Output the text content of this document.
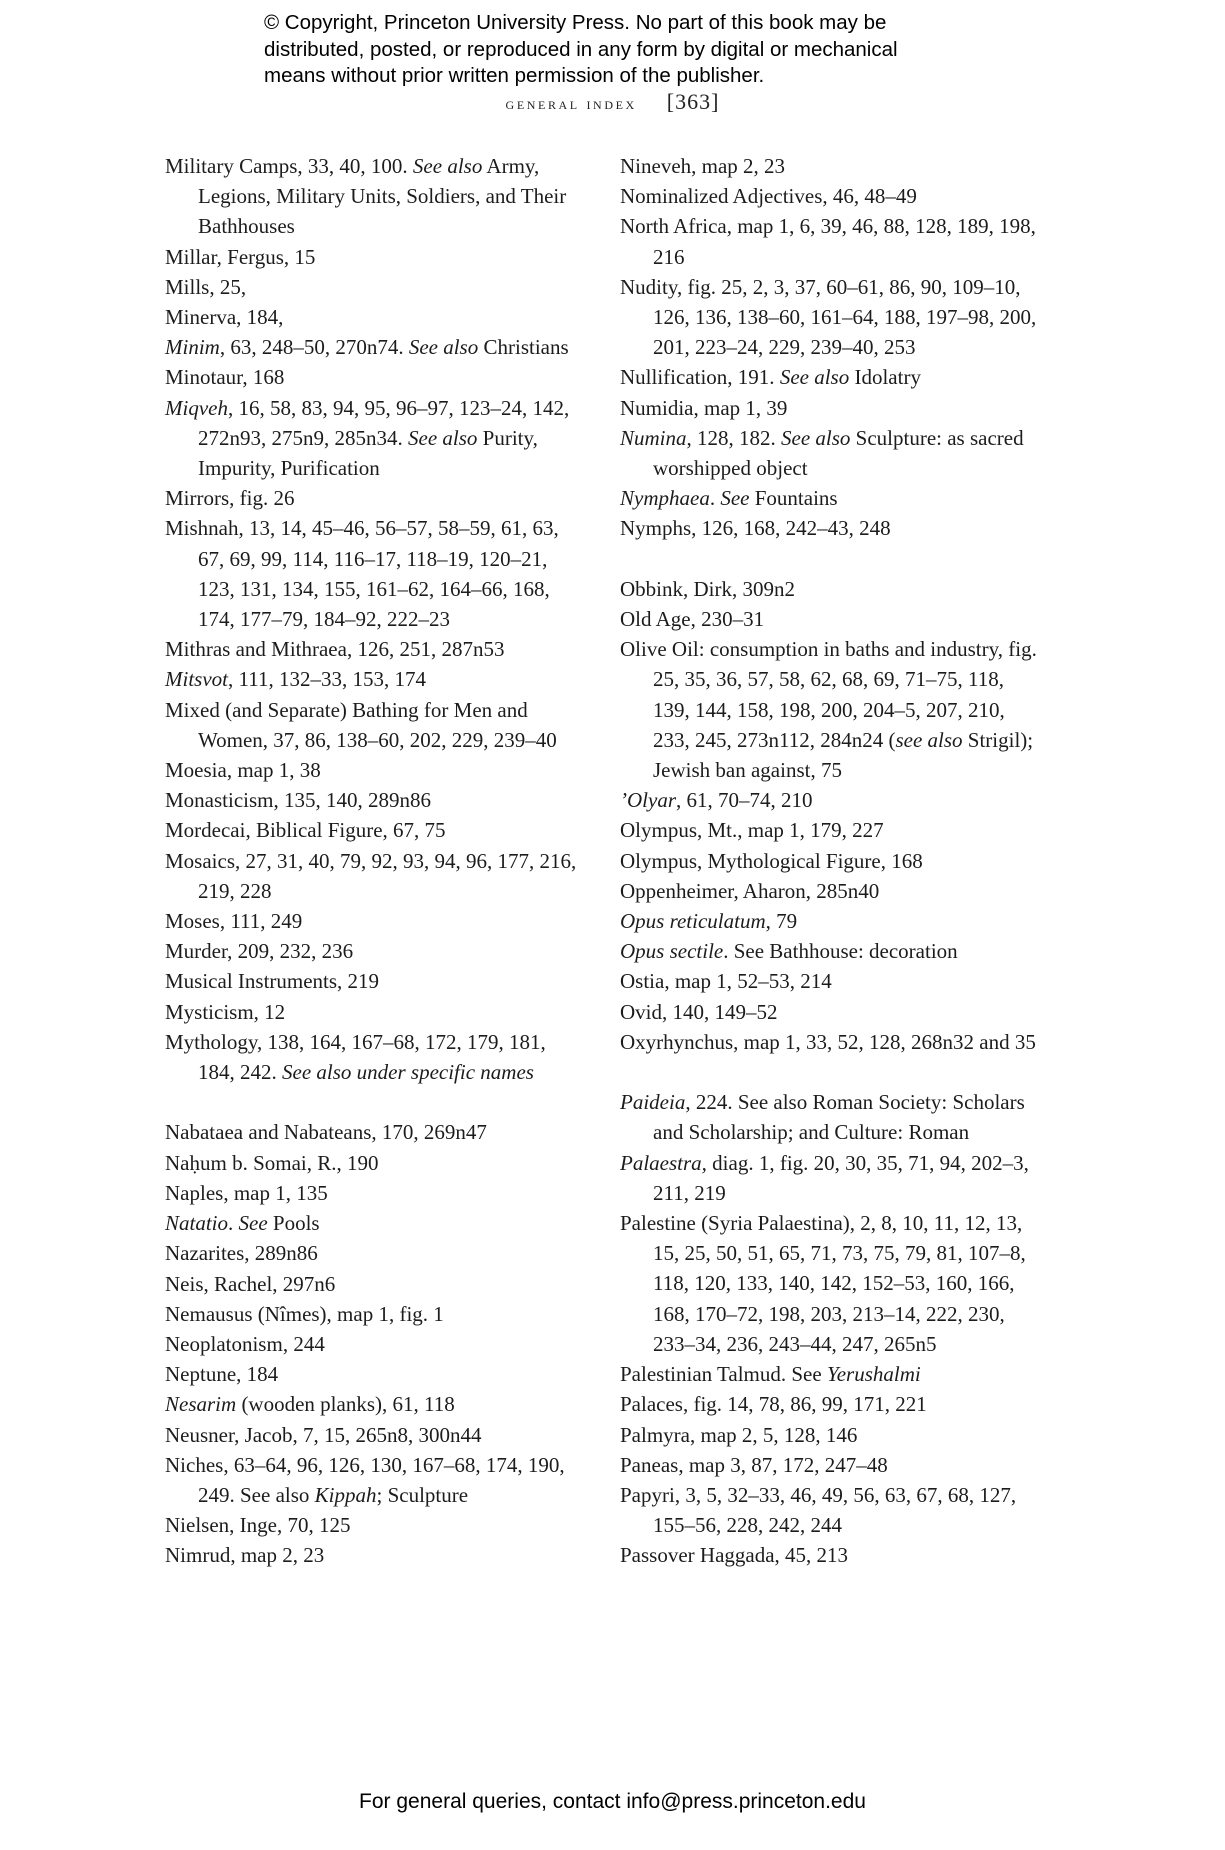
© Copyright, Princeton University Press. No part of this book may be
distributed, posted, or reproduced in any form by digital or mechanical
means without prior written permission of the publisher.
general index [363]
Military Camps, 33, 40, 100. See also Army, Legions, Military Units, Soldiers, and Their Bathhouses
Millar, Fergus, 15
Mills, 25,
Minerva, 184,
Minim, 63, 248–50, 270n74. See also Christians
Minotaur, 168
Miqveh, 16, 58, 83, 94, 95, 96–97, 123–24, 142, 272n93, 275n9, 285n34. See also Purity, Impurity, Purification
Mirrors, fig. 26
Mishnah, 13, 14, 45–46, 56–57, 58–59, 61, 63, 67, 69, 99, 114, 116–17, 118–19, 120–21, 123, 131, 134, 155, 161–62, 164–66, 168, 174, 177–79, 184–92, 222–23
Mithras and Mithraea, 126, 251, 287n53
Mitsvot, 111, 132–33, 153, 174
Mixed (and Separate) Bathing for Men and Women, 37, 86, 138–60, 202, 229, 239–40
Moesia, map 1, 38
Monasticism, 135, 140, 289n86
Mordecai, Biblical Figure, 67, 75
Mosaics, 27, 31, 40, 79, 92, 93, 94, 96, 177, 216, 219, 228
Moses, 111, 249
Murder, 209, 232, 236
Musical Instruments, 219
Mysticism, 12
Mythology, 138, 164, 167–68, 172, 179, 181, 184, 242. See also under specific names
Nabataea and Nabateans, 170, 269n47
Naḥum b. Somai, R., 190
Naples, map 1, 135
Natatio. See Pools
Nazarites, 289n86
Neis, Rachel, 297n6
Nemausus (Nîmes), map 1, fig. 1
Neoplatonism, 244
Neptune, 184
Nesarim (wooden planks), 61, 118
Neusner, Jacob, 7, 15, 265n8, 300n44
Niches, 63–64, 96, 126, 130, 167–68, 174, 190, 249. See also Kippah; Sculpture
Nielsen, Inge, 70, 125
Nimrud, map 2, 23
Nineveh, map 2, 23
Nominalized Adjectives, 46, 48–49
North Africa, map 1, 6, 39, 46, 88, 128, 189, 198, 216
Nudity, fig. 25, 2, 3, 37, 60–61, 86, 90, 109–10, 126, 136, 138–60, 161–64, 188, 197–98, 200, 201, 223–24, 229, 239–40, 253
Nullification, 191. See also Idolatry
Numidia, map 1, 39
Numina, 128, 182. See also Sculpture: as sacred worshipped object
Nymphaea. See Fountains
Nymphs, 126, 168, 242–43, 248
Obbink, Dirk, 309n2
Old Age, 230–31
Olive Oil: consumption in baths and industry, fig. 25, 35, 36, 57, 58, 62, 68, 69, 71–75, 118, 139, 144, 158, 198, 200, 204–5, 207, 210, 233, 245, 273n112, 284n24 (see also Strigil); Jewish ban against, 75
’Olyar, 61, 70–74, 210
Olympus, Mt., map 1, 179, 227
Olympus, Mythological Figure, 168
Oppenheimer, Aharon, 285n40
Opus reticulatum, 79
Opus sectile. See Bathhouse: decoration
Ostia, map 1, 52–53, 214
Ovid, 140, 149–52
Oxyrhynchus, map 1, 33, 52, 128, 268n32 and 35
Paideia, 224. See also Roman Society: Scholars and Scholarship; and Culture: Roman
Palaestra, diag. 1, fig. 20, 30, 35, 71, 94, 202–3, 211, 219
Palestine (Syria Palaestina), 2, 8, 10, 11, 12, 13, 15, 25, 50, 51, 65, 71, 73, 75, 79, 81, 107–8, 118, 120, 133, 140, 142, 152–53, 160, 166, 168, 170–72, 198, 203, 213–14, 222, 230, 233–34, 236, 243–44, 247, 265n5
Palestinian Talmud. See Yerushalmi
Palaces, fig. 14, 78, 86, 99, 171, 221
Palmyra, map 2, 5, 128, 146
Paneas, map 3, 87, 172, 247–48
Papyri, 3, 5, 32–33, 46, 49, 56, 63, 67, 68, 127, 155–56, 228, 242, 244
Passover Haggada, 45, 213
For general queries, contact info@press.princeton.edu
